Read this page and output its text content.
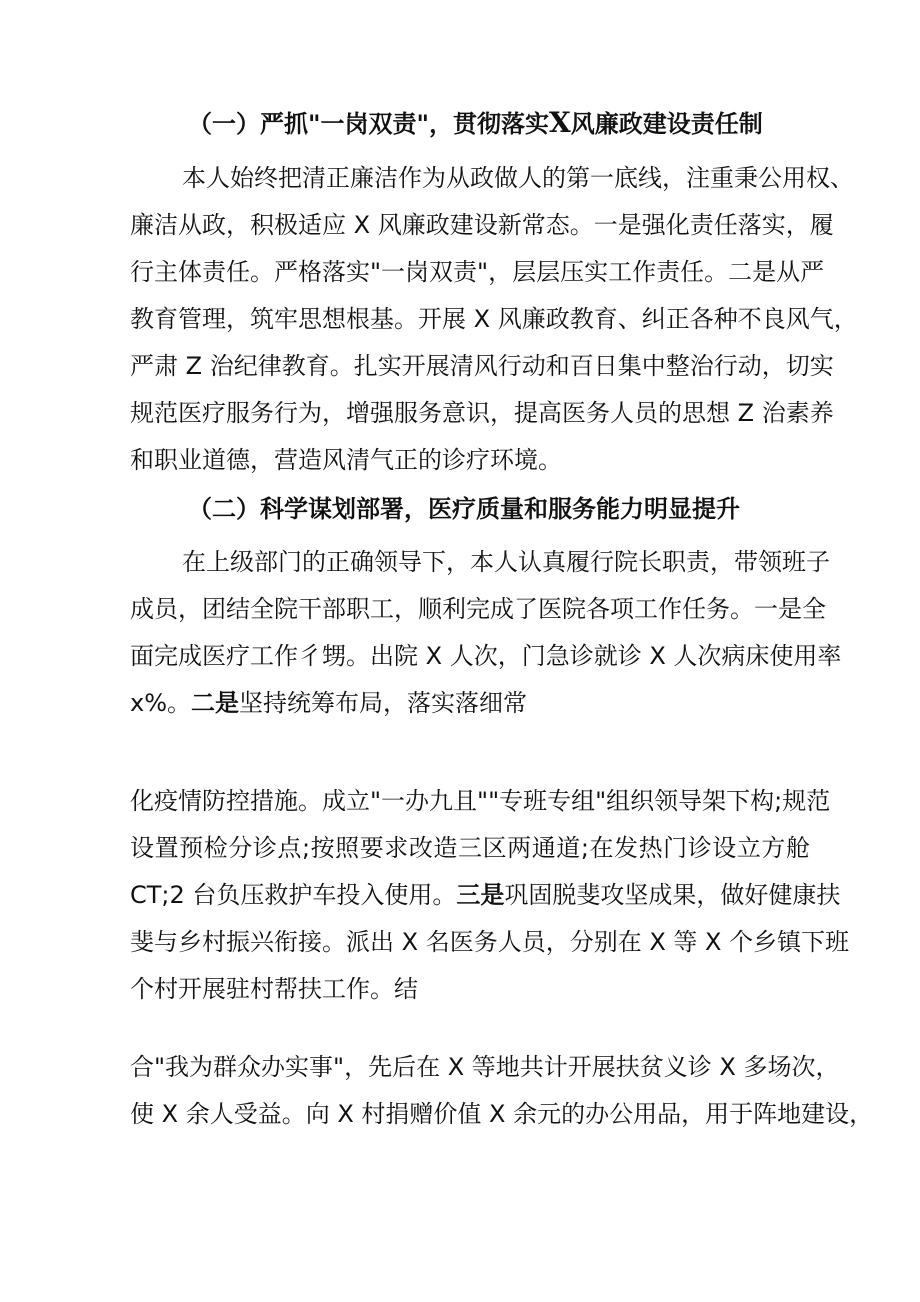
（一）严抓"一岗双责"，贯彻落实X风廉政建设责任制
本人始终把清正廉洁作为从政做人的第一底线，注重秉公用权、
廉洁从政，积极适应 X 风廉政建设新常态。一是强化责任落实，履
行主体责任。严格落实"一岗双责"，层层压实工作责任。二是从严
教育管理，筑牢思想根基。开展 X 风廉政教育、纠正各种不良风气，
严肃 Z 治纪律教育。扎实开展清风行动和百日集中整治行动，切实
规范医疗服务行为，增强服务意识，提高医务人员的思想 Z 治素养
和职业道德，营造风清气正的诊疗环境。
（二）科学谋划部署，医疗质量和服务能力明显提升
在上级部门的正确领导下，本人认真履行院长职责，带领班子
成员，团结全院干部职工，顺利完成了医院各项工作任务。一是全
面完成医疗工作彳甥。出院 X 人次，门急诊就诊 X 人次病床使用率
x%。二是坚持统筹布局，落实落细常
化疫情防控措施。成立"一办九且""专班专组"组织领导架下构;规范
设置预检分诊点;按照要求改造三区两通道;在发热门诊设立方舱
CT;2 台负压救护车投入使用。三是巩固脱斐攻坚成果，做好健康扶
斐与乡村振兴衔接。派出 X 名医务人员，分别在 X 等 X 个乡镇下班
个村开展驻村帮扶工作。结
合"我为群众办实事"，先后在 X 等地共计开展扶贫义诊 X 多场次，
使 X 余人受益。向 X 村捐赠价值 X 余元的办公用品，用于阵地建设，
